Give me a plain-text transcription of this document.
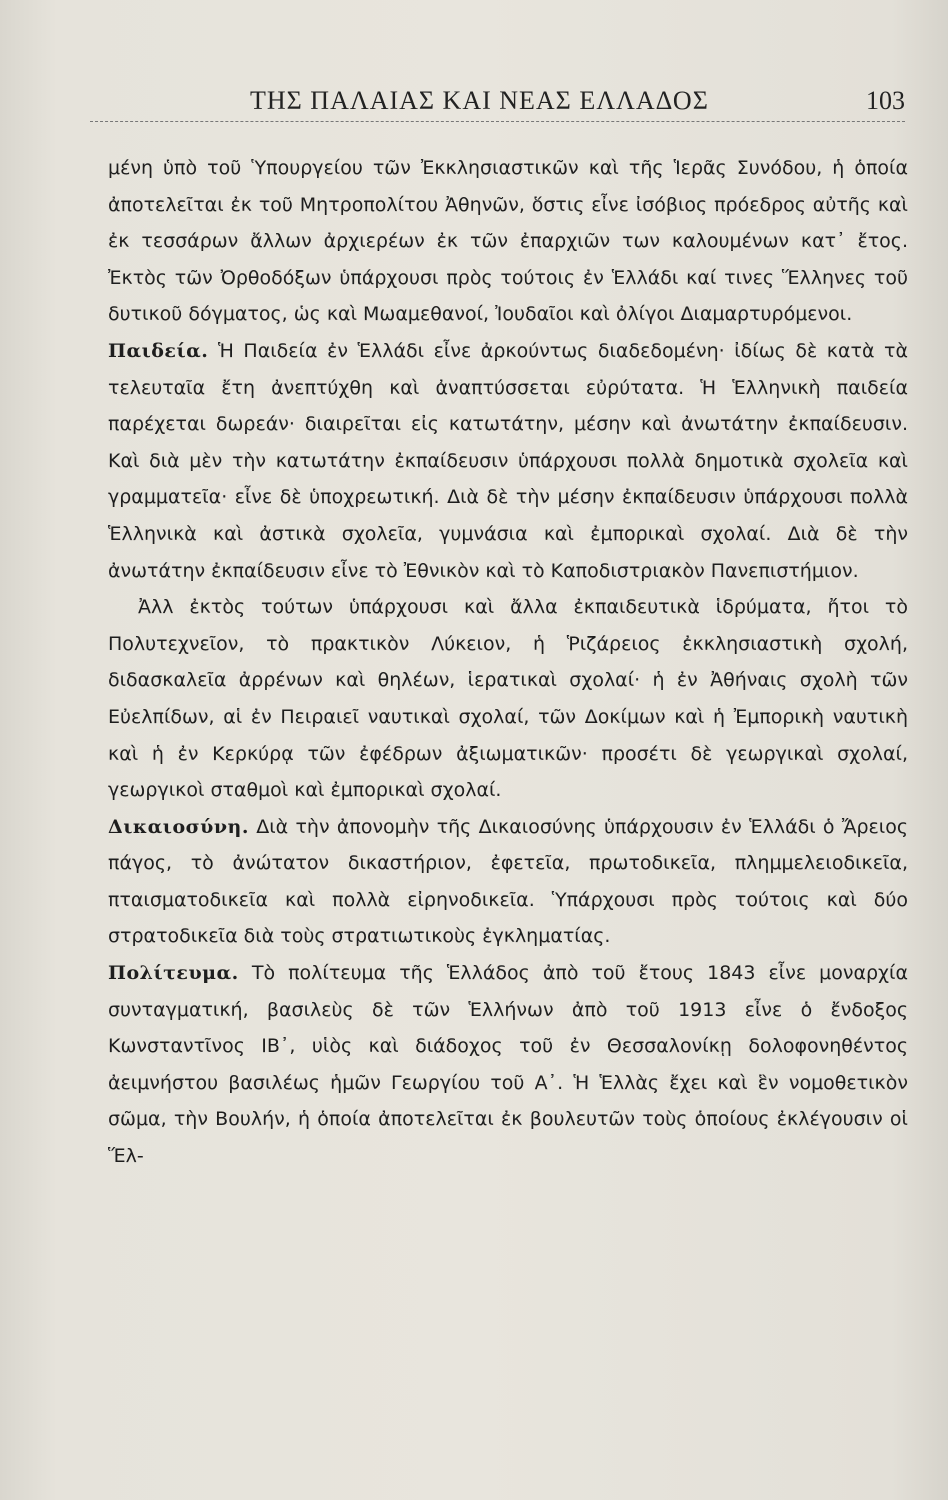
ΤΗΣ ΠΑΛΑΙΑΣ ΚΑΙ ΝΕΑΣ ΕΛΛΑΔΟΣ	103

μένη ὑπὸ τοῦ Ὑπουργείου τῶν Ἐκκλησιαστικῶν καὶ τῆς Ἱερᾶς Συνόδου, ἡ ὁποία ἀποτελεῖται ἐκ τοῦ Μητροπολίτου Ἀθηνῶν, ὅστις εἶνε ἰσόβιος πρόεδρος αὐτῆς καὶ ἐκ τεσσάρων ἄλλων ἀρχιερέων ἐκ τῶν ἐπαρχιῶν των καλουμένων κατ᾽ ἔτος. Ἐκτὸς τῶν Ὀρθοδόξων ὑπάρχουσι πρὸς τούτοις ἐν Ἑλλάδι καί τινες Ἕλληνες τοῦ δυτικοῦ δόγματος, ὡς καὶ Μωαμεθανοί, Ἰουδαῖοι καὶ ὀλίγοι Διαμαρτυρόμενοι.

Παιδεία. Ἡ Παιδεία ἐν Ἑλλάδι εἶνε ἀρκούντως διαδεδομένη· ἰδίως δὲ κατὰ τὰ τελευταῖα ἔτη ἀνεπτύχθη καὶ ἀναπτύσσεται εὐρύτατα. Ἡ Ἑλληνικὴ παιδεία παρέχεται δωρεάν· διαιρεῖται εἰς κατωτάτην, μέσην καὶ ἀνωτάτην ἐκπαίδευσιν. Καὶ διὰ μὲν τὴν κατωτάτην ἐκπαίδευσιν ὑπάρχουσι πολλὰ δημοτικὰ σχολεῖα καὶ γραμματεῖα· εἶνε δὲ ὑποχρεωτική. Διὰ δὲ τὴν μέσην ἐκπαίδευσιν ὑπάρχουσι πολλὰ Ἑλληνικὰ καὶ ἀστικὰ σχολεῖα, γυμνάσια καὶ ἐμπορικαὶ σχολαί. Διὰ δὲ τὴν ἀνωτάτην ἐκπαίδευσιν εἶνε τὸ Ἐθνικὸν καὶ τὸ Καποδιστριακὸν Πανεπιστήμιον.

Ἀλλ ἐκτὸς τούτων ὑπάρχουσι καὶ ἄλλα ἐκπαιδευτικὰ ἱδρύματα, ἤτοι τὸ Πολυτεχνεῖον, τὸ πρακτικὸν Λύκειον, ἡ Ῥιζάρειος ἐκκλησιαστικὴ σχολή, διδασκαλεῖα ἀρρένων καὶ θηλέων, ἱερατικαὶ σχολαί· ἡ ἐν Ἀθήναις σχολὴ τῶν Εὐελπίδων, αἱ ἐν Πειραιεῖ ναυτικαὶ σχολαί, τῶν Δοκίμων καὶ ἡ Ἐμπορικὴ ναυτικὴ καὶ ἡ ἐν Κερκύρᾳ τῶν ἐφέδρων ἀξιωματικῶν· προσέτι δὲ γεωργικαὶ σχολαί, γεωργικοὶ σταθμοὶ καὶ ἐμπορικαὶ σχολαί.

Δικαιοσύνη. Διὰ τὴν ἀπονομὴν τῆς Δικαιοσύνης ὑπάρχουσιν ἐν Ἑλλάδι ὁ Ἄρειος πάγος, τὸ ἀνώτατον δικαστήριον, ἐφετεῖα, πρωτοδικεῖα, πλημμελειοδικεῖα, πταισματοδικεῖα καὶ πολλὰ εἰρηνοδικεῖα. Ὑπάρχουσι πρὸς τούτοις καὶ δύο στρατοδικεῖα διὰ τοὺς στρατιωτικοὺς ἐγκληματίας.

Πολίτευμα. Τὸ πολίτευμα τῆς Ἑλλάδος ἀπὸ τοῦ ἔτους 1843 εἶνε μοναρχία συνταγματική, βασιλεὺς δὲ τῶν Ἑλλήνων ἀπὸ τοῦ 1913 εἶνε ὁ ἔνδοξος Κωνσταντῖνος ΙΒ᾽, υἱὸς καὶ διάδοχος τοῦ ἐν Θεσσαλονίκῃ δολοφονηθέντος ἀειμνήστου βασιλέως ἡμῶν Γεωργίου τοῦ Α᾽. Ἡ Ἑλλὰς ἔχει καὶ ἓν νομοθετικὸν σῶμα, τὴν Βουλήν, ἡ ὁποία ἀποτελεῖται ἐκ βουλευτῶν τοὺς ὁποίους ἐκλέγουσιν οἱ Ἕλ-
